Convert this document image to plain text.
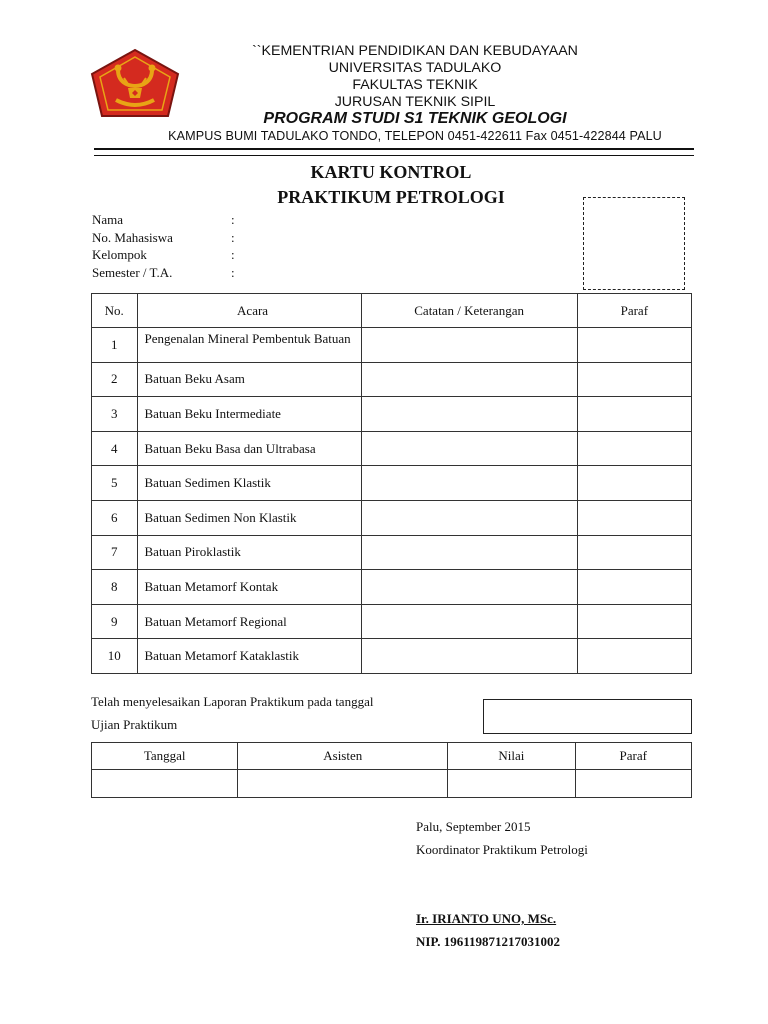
``KEMENTRIAN PENDIDIKAN DAN KEBUDAYAAN
UNIVERSITAS TADULAKO
FAKULTAS TEKNIK
JURUSAN TEKNIK SIPIL
PROGRAM STUDI S1 TEKNIK GEOLOGI
KAMPUS BUMI TADULAKO TONDO, TELEPON 0451-422611 Fax 0451-422844 PALU
KARTU KONTROL
PRAKTIKUM PETROLOGI
Nama	:
No. Mahasiswa	:
Kelompok	:
Semester / T.A.	:
No.	Acara	Catatan / Keterangan	Paraf
1	Pengenalan Mineral Pembentuk Batuan		

2	Batuan Beku Asam		
3	Batuan Beku Intermediate		
4	Batuan Beku Basa dan Ultrabasa		
5	Batuan Sedimen Klastik		
6	Batuan Sedimen Non Klastik		
7	Batuan Piroklastik		
8	Batuan Metamorf Kontak		
9	Batuan Metamorf Regional		
10	Batuan Metamorf Kataklastik		
Telah menyelesaikan Laporan Praktikum pada tanggal
Ujian Praktikum
Tanggal	Asisten	Nilai	Paraf

Palu, September 2015
Koordinator Praktikum Petrologi
Ir. IRIANTO UNO, MSc.
NIP. 196119871217031002
